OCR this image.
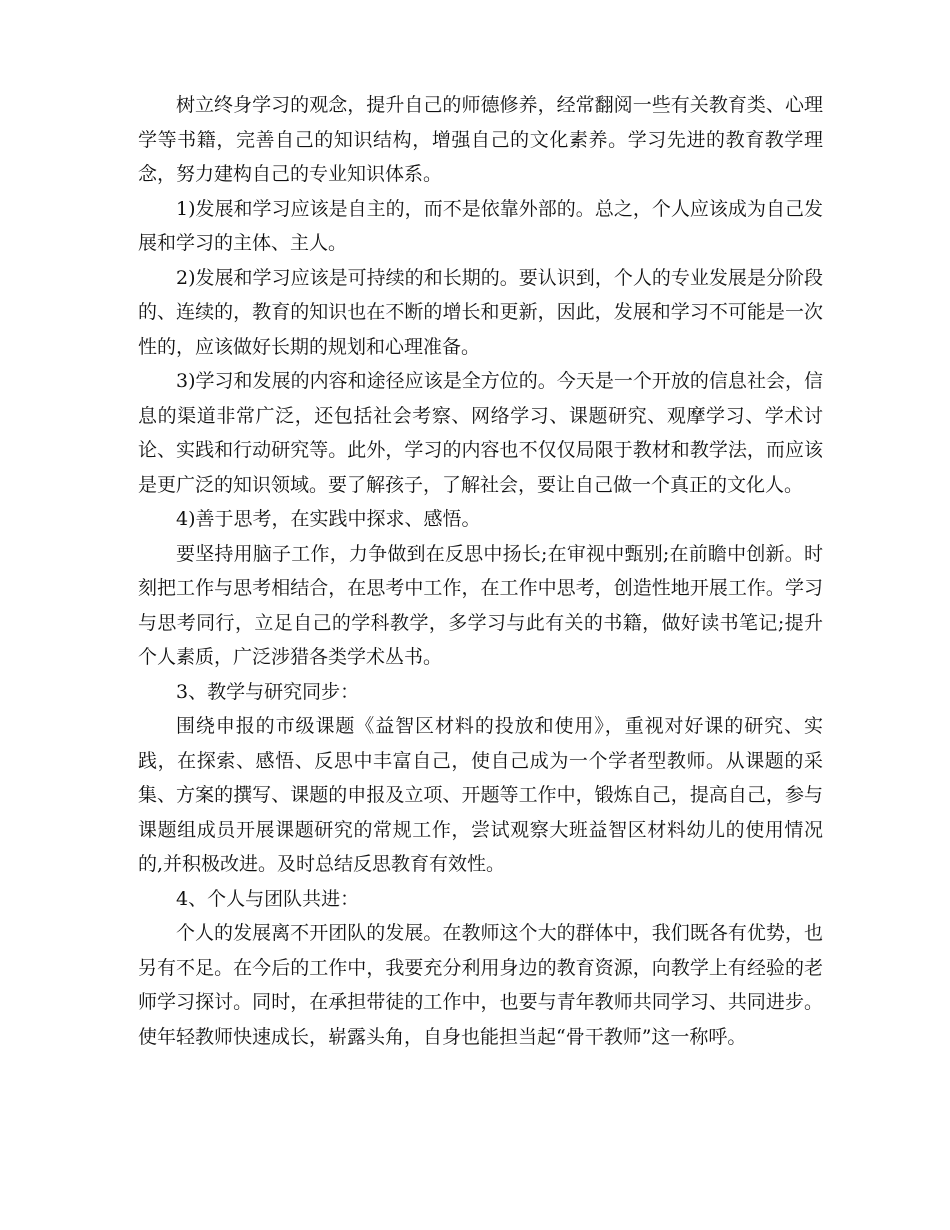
树立终身学习的观念，提升自己的师德修养，经常翻阅一些有关教育类、心理学等书籍，完善自己的知识结构，增强自己的文化素养。学习先进的教育教学理念，努力建构自己的专业知识体系。

1)发展和学习应该是自主的，而不是依靠外部的。总之，个人应该成为自己发展和学习的主体、主人。

2)发展和学习应该是可持续的和长期的。要认识到，个人的专业发展是分阶段的、连续的，教育的知识也在不断的增长和更新，因此，发展和学习不可能是一次性的，应该做好长期的规划和心理准备。

3)学习和发展的内容和途径应该是全方位的。今天是一个开放的信息社会，信息的渠道非常广泛，还包括社会考察、网络学习、课题研究、观摩学习、学术讨论、实践和行动研究等。此外，学习的内容也不仅仅局限于教材和教学法，而应该是更广泛的知识领域。要了解孩子，了解社会，要让自己做一个真正的文化人。

4)善于思考，在实践中探求、感悟。

要坚持用脑子工作，力争做到在反思中扬长;在审视中甄别;在前瞻中创新。时刻把工作与思考相结合，在思考中工作，在工作中思考，创造性地开展工作。学习与思考同行，立足自己的学科教学，多学习与此有关的书籍，做好读书笔记;提升个人素质，广泛涉猎各类学术丛书。

3、教学与研究同步：

围绕申报的市级课题《益智区材料的投放和使用》，重视对好课的研究、实践，在探索、感悟、反思中丰富自己，使自己成为一个学者型教师。从课题的采集、方案的撰写、课题的申报及立项、开题等工作中，锻炼自己，提高自己，参与课题组成员开展课题研究的常规工作，尝试观察大班益智区材料幼儿的使用情况的,并积极改进。及时总结反思教育有效性。

4、个人与团队共进：

个人的发展离不开团队的发展。在教师这个大的群体中，我们既各有优势，也另有不足。在今后的工作中，我要充分利用身边的教育资源，向教学上有经验的老师学习探讨。同时，在承担带徒的工作中，也要与青年教师共同学习、共同进步。使年轻教师快速成长，崭露头角，自身也能担当起“骨干教师”这一称呼。
